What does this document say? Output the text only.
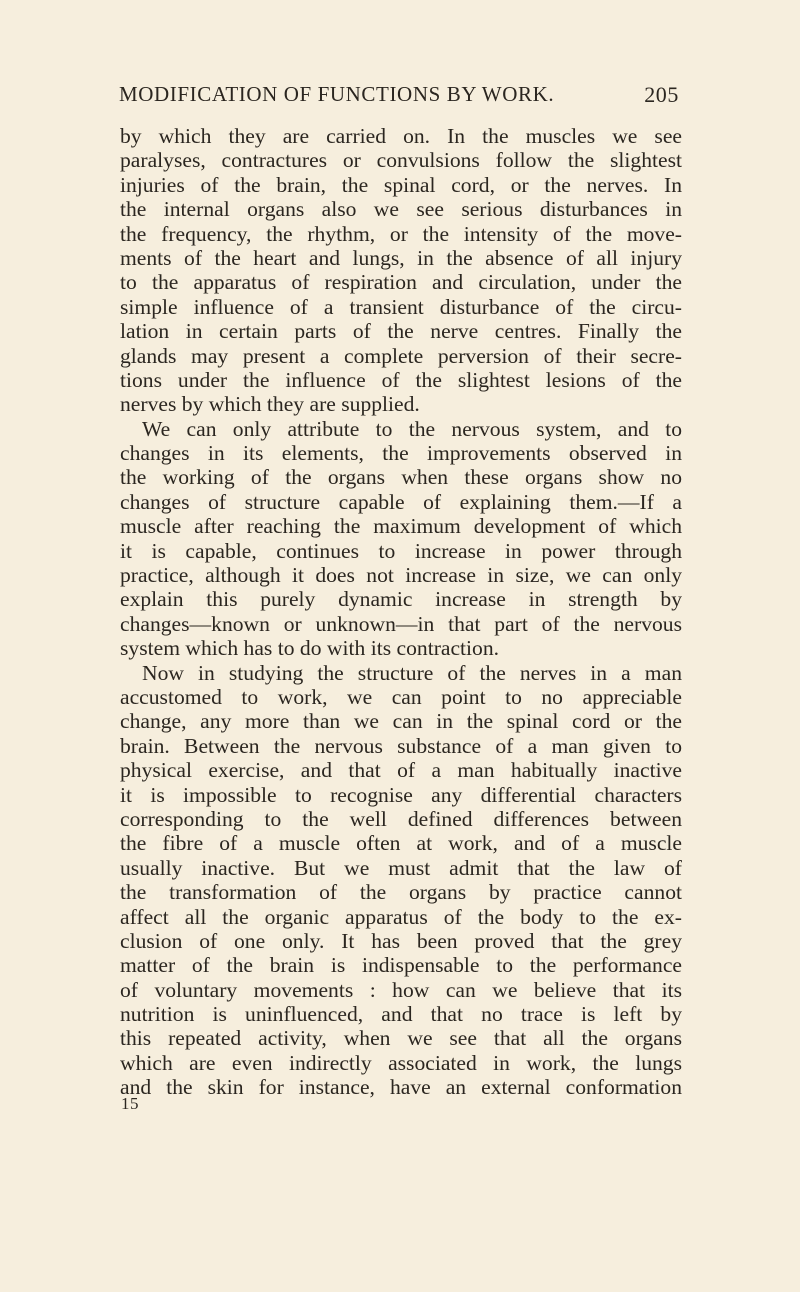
MODIFICATION OF FUNCTIONS BY WORK.	205
by which they are carried on. In the muscles we see
paralyses, contractures or convulsions follow the slightest
injuries of the brain, the spinal cord, or the nerves. In
the internal organs also we see serious disturbances in
the frequency, the rhythm, or the intensity of the move-
ments of the heart and lungs, in the absence of all injury
to the apparatus of respiration and circulation, under the
simple influence of a transient disturbance of the circu-
lation in certain parts of the nerve centres. Finally the
glands may present a complete perversion of their secre-
tions under the influence of the slightest lesions of the
nerves by which they are supplied.
We can only attribute to the nervous system, and to
changes in its elements, the improvements observed in
the working of the organs when these organs show no
changes of structure capable of explaining them.—If a
muscle after reaching the maximum development of which
it is capable, continues to increase in power through
practice, although it does not increase in size, we can only
explain this purely dynamic increase in strength by
changes—known or unknown—in that part of the nervous
system which has to do with its contraction.
Now in studying the structure of the nerves in a man
accustomed to work, we can point to no appreciable
change, any more than we can in the spinal cord or the
brain. Between the nervous substance of a man given to
physical exercise, and that of a man habitually inactive
it is impossible to recognise any differential characters
corresponding to the well defined differences between
the fibre of a muscle often at work, and of a muscle
usually inactive. But we must admit that the law of
the transformation of the organs by practice cannot
affect all the organic apparatus of the body to the ex-
clusion of one only. It has been proved that the grey
matter of the brain is indispensable to the performance
of voluntary movements : how can we believe that its
nutrition is uninfluenced, and that no trace is left by
this repeated activity, when we see that all the organs
which are even indirectly associated in work, the lungs
and the skin for instance, have an external conformation
15
